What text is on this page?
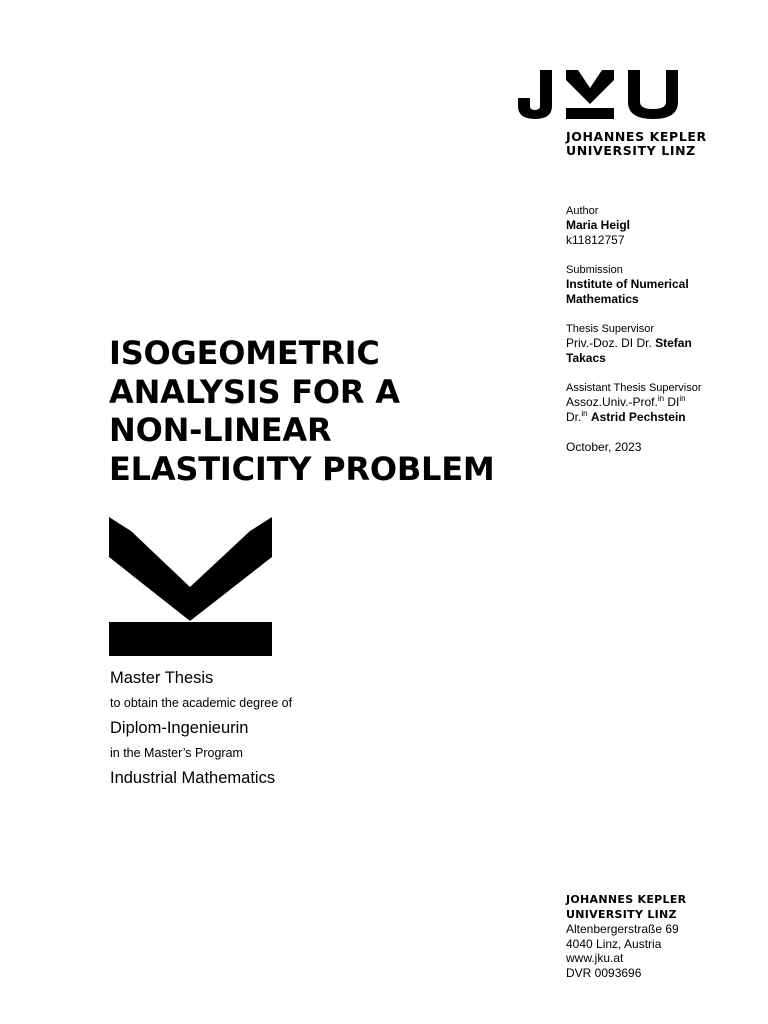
JOHANNES KEPLER
UNIVERSITY LINZ
Author
Maria Heigl
k11812757
Submission
Institute of Numerical
Mathematics
Thesis Supervisor
Priv.-Doz. DI Dr. Stefan
Takacs
Assistant Thesis Supervisor
Assoz.Univ.-Prof.$^{in}$ $DI^{in}$
Dr.$^{in}$ Astrid Pechstein
October, 2023
ISOGEOMETRIC
ANALYSIS FOR A
NON-LINEAR
ELASTICITY PROBLEM
Master Thesis
to obtain the academic degree of
Diplom-Ingenieurin
in the Master’s Program
Industrial Mathematics
JOHANNES KEPLER
UNIVERSITY LINZ
Altenbergerstraße 69
4040 Linz, Austria
www.jku.at
DVR 0093696
